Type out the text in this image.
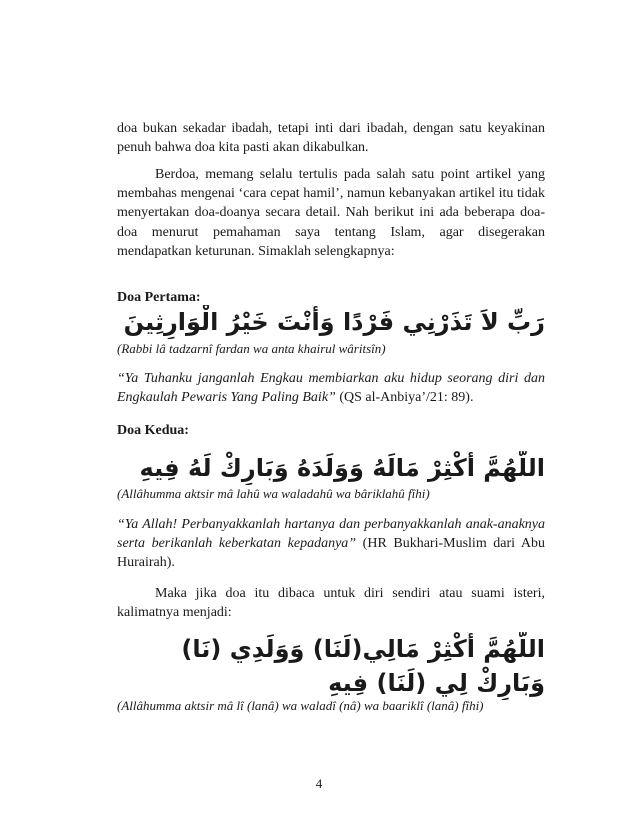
doa bukan sekadar ibadah, tetapi inti dari ibadah, dengan satu keyakinan penuh bahwa doa kita pasti akan dikabulkan.

Berdoa, memang selalu tertulis pada salah satu point artikel yang membahas mengenai ‘cara cepat hamil’, namun kebanyakan artikel itu tidak menyertakan doa-doanya secara detail. Nah berikut ini ada beberapa doa-doa menurut pemahaman saya tentang Islam, agar disegerakan mendapatkan keturunan. Simaklah selengkapnya:

Doa Pertama:

رَبِّ لاَ تَذَرْنِي فَرْدًا وَأَنْتَ خَيْرُ الْوَارِثِينَ

(Rabbi lâ tadzarnî fardan wa anta khairul wâritsîn)

“Ya Tuhanku janganlah Engkau membiarkan aku hidup seorang diri dan Engkaulah Pewaris Yang Paling Baik” (QS al-Anbiya’/21: 89).

Doa Kedua:

اللَّهُمَّ أَكْثِرْ مَالَهُ وَوَلَدَهُ وَبَارِكْ لَهُ فِيهِ

(Allâhumma aktsir mâ lahû wa waladahû wa bâriklahû fîhi)

“Ya Allah! Perbanyakkanlah hartanya dan perbanyakkanlah anak-anaknya serta berikanlah keberkatan kepadanya” (HR Bukhari-Muslim dari Abu Hurairah).

Maka jika doa itu dibaca untuk diri sendiri atau suami isteri, kalimatnya menjadi:

اللَّهُمَّ أَكْثِرْ مَالِي(لَنَا) وَوَلَدِي (نَا) وَبَارِكْ لِي (لَنَا) فِيهِ

(Allâhumma aktsir mâ lî (lanâ) wa waladî (nâ) wa baariklî (lanâ) fîhi)

4
